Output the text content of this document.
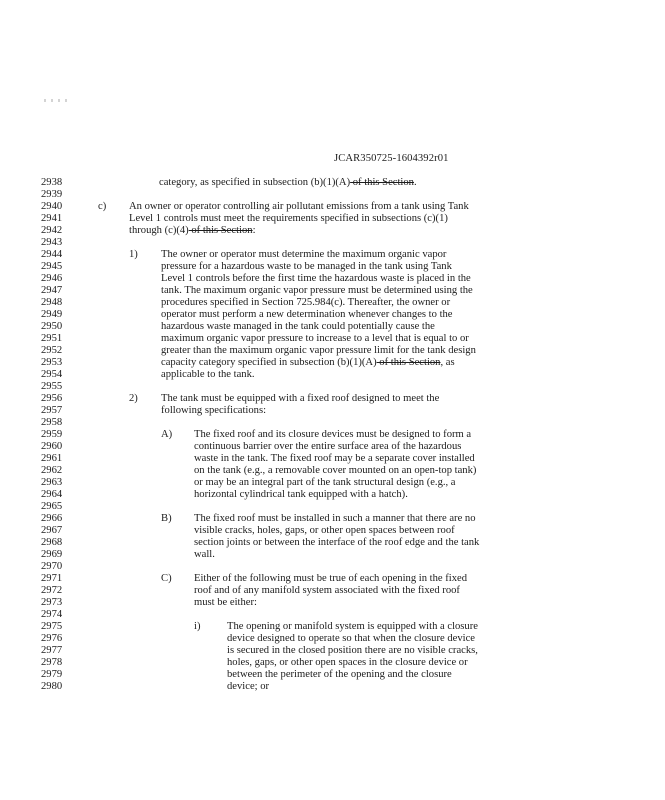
JCAR350725-1604392r01
2938
2939
2940
2941
2942
2943
2944
2945
2946
2947
2948
2949
2950
2951
2952
2953
2954
2955
2956
2957
2958
2959
2960
2961
2962
2963
2964
2965
2966
2967
2968
2969
2970
2971
2972
2973
2974
2975
2976
2977
2978
2979
2980
category, as specified in subsection (b)(1)(A) of this Section.
c) An owner or operator controlling air pollutant emissions from a tank using Tank
Level 1 controls must meet the requirements specified in subsections (c)(1)
through (c)(4) of this Section:
1) The owner or operator must determine the maximum organic vapor
pressure for a hazardous waste to be managed in the tank using Tank
Level 1 controls before the first time the hazardous waste is placed in the
tank. The maximum organic vapor pressure must be determined using the
procedures specified in Section 725.984(c). Thereafter, the owner or
operator must perform a new determination whenever changes to the
hazardous waste managed in the tank could potentially cause the
maximum organic vapor pressure to increase to a level that is equal to or
greater than the maximum organic vapor pressure limit for the tank design
capacity category specified in subsection (b)(1)(A) of this Section, as
applicable to the tank.
2) The tank must be equipped with a fixed roof designed to meet the
following specifications:
A) The fixed roof and its closure devices must be designed to form a
continuous barrier over the entire surface area of the hazardous
waste in the tank. The fixed roof may be a separate cover installed
on the tank (e.g., a removable cover mounted on an open-top tank)
or may be an integral part of the tank structural design (e.g., a
horizontal cylindrical tank equipped with a hatch).
B) The fixed roof must be installed in such a manner that there are no
visible cracks, holes, gaps, or other open spaces between roof
section joints or between the interface of the roof edge and the tank
wall.
C) Either of the following must be true of each opening in the fixed
roof and of any manifold system associated with the fixed roof
must be either:
i)	The opening or manifold system is equipped with a closure
device designed to operate so that when the closure device
is secured in the closed position there are no visible cracks,
holes, gaps, or other open spaces in the closure device or
between the perimeter of the opening and the closure
device; or
